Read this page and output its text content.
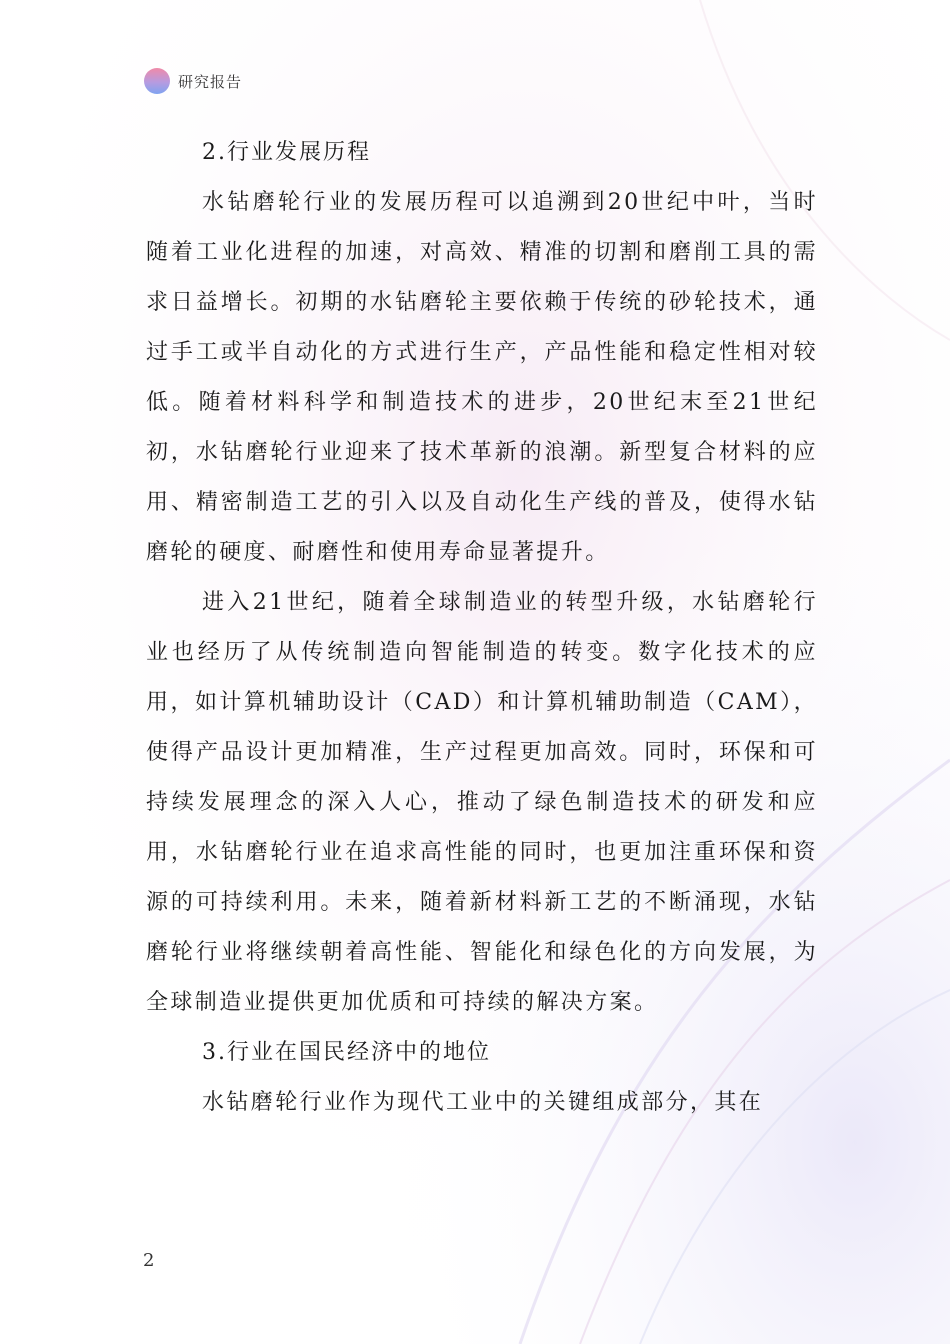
研究报告
2.行业发展历程

水钻磨轮行业的发展历程可以追溯到20世纪中叶，当时随着工业化进程的加速，对高效、精准的切割和磨削工具的需求日益增长。初期的水钻磨轮主要依赖于传统的砂轮技术，通过手工或半自动化的方式进行生产，产品性能和稳定性相对较低。随着材料科学和制造技术的进步，20世纪末至21世纪初，水钻磨轮行业迎来了技术革新的浪潮。新型复合材料的应用、精密制造工艺的引入以及自动化生产线的普及，使得水钻磨轮的硬度、耐磨性和使用寿命显著提升。

进入21世纪，随着全球制造业的转型升级，水钻磨轮行业也经历了从传统制造向智能制造的转变。数字化技术的应用，如计算机辅助设计（CAD）和计算机辅助制造（CAM），使得产品设计更加精准，生产过程更加高效。同时，环保和可持续发展理念的深入人心，推动了绿色制造技术的研发和应用，水钻磨轮行业在追求高性能的同时，也更加注重环保和资源的可持续利用。未来，随着新材料新工艺的不断涌现，水钻磨轮行业将继续朝着高性能、智能化和绿色化的方向发展，为全球制造业提供更加优质和可持续的解决方案。

3.行业在国民经济中的地位

水钻磨轮行业作为现代工业中的关键组成部分，其在

2
